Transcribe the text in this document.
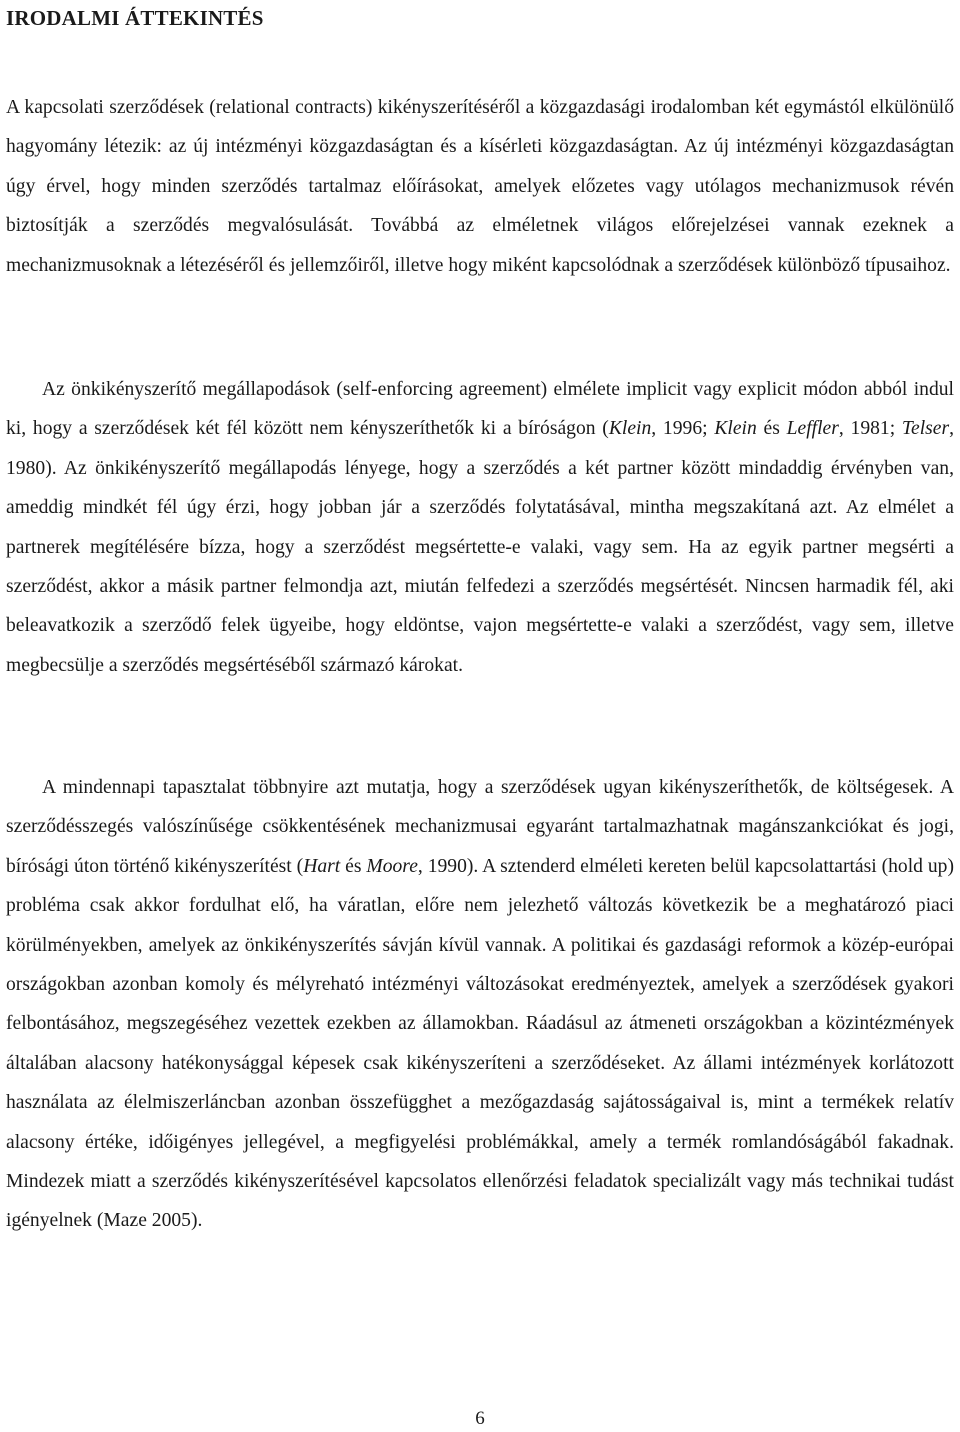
IRODALMI ÁTTEKINTÉS

A kapcsolati szerződések (relational contracts) kikényszerítéséről a közgazdasági irodalomban két egymástól elkülönülő hagyomány létezik: az új intézményi közgazdaságtan és a kísérleti közgazdaságtan. Az új intézményi közgazdaságtan úgy érvel, hogy minden szerződés tartalmaz előírásokat, amelyek előzetes vagy utólagos mechanizmusok révén biztosítják a szerződés megvalósulását. Továbbá az elméletnek világos előrejelzései vannak ezeknek a mechanizmusoknak a létezéséről és jellemzőiről, illetve hogy miként kapcsolódnak a szerződések különböző típusaihoz.

Az önkikényszerítő megállapodások (self-enforcing agreement) elmélete implicit vagy explicit módon abból indul ki, hogy a szerződések két fél között nem kényszeríthetők ki a bíróságon (Klein, 1996; Klein és Leffler, 1981; Telser, 1980). Az önkikényszerítő megállapodás lényege, hogy a szerződés a két partner között mindaddig érvényben van, ameddig mindkét fél úgy érzi, hogy jobban jár a szerződés folytatásával, mintha megszakítaná azt. Az elmélet a partnerek megítélésére bízza, hogy a szerződést megsértette-e valaki, vagy sem. Ha az egyik partner megsérti a szerződést, akkor a másik partner felmondja azt, miután felfedezi a szerződés megsértését. Nincsen harmadik fél, aki beleavatkozik a szerződő felek ügyeibe, hogy eldöntse, vajon megsértette-e valaki a szerződést, vagy sem, illetve megbecsülje a szerződés megsértéséből származó károkat.

A mindennapi tapasztalat többnyire azt mutatja, hogy a szerződések ugyan kikényszeríthetők, de költségesek. A szerződésszegés valószínűsége csökkentésének mechanizmusai egyaránt tartalmazhatnak magánszankciókat és jogi, bírósági úton történő kikényszerítést (Hart és Moore, 1990). A sztenderd elméleti kereten belül kapcsolattartási (hold up) probléma csak akkor fordulhat elő, ha váratlan, előre nem jelezhető változás következik be a meghatározó piaci körülményekben, amelyek az önkikényszerítés sávján kívül vannak. A politikai és gazdasági reformok a közép-európai országokban azonban komoly és mélyreható intézményi változásokat eredményeztek, amelyek a szerződések gyakori felbontásához, megszegéséhez vezettek ezekben az államokban. Ráadásul az átmeneti országokban a közintézmények általában alacsony hatékonysággal képesek csak kikényszeríteni a szerződéseket. Az állami intézmények korlátozott használata az élelmiszerláncban azonban összefügghet a mezőgazdaság sajátosságaival is, mint a termékek relatív alacsony értéke, időigényes jellegével, a megfigyelési problémákkal, amely a termék romlandóságából fakadnak. Mindezek miatt a szerződés kikényszerítésével kapcsolatos ellenőrzési feladatok specializált vagy más technikai tudást igényelnek (Maze 2005).

6
